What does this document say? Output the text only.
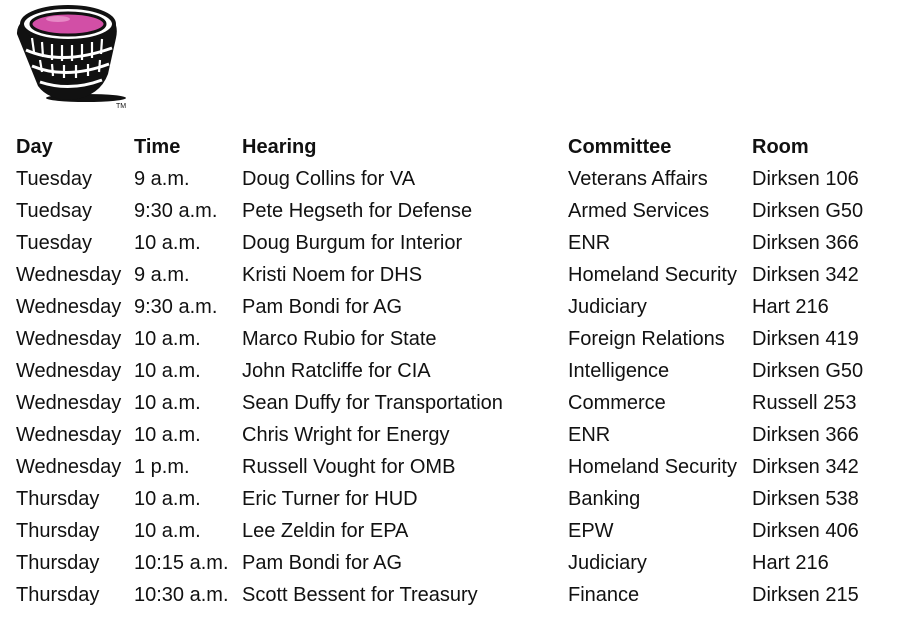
TM
Day	Time	Hearing	Committee	Room
Tuesday	9 a.m.	Doug Collins for VA	Veterans Affairs	Dirksen 106
Tuedsay	9:30 a.m.	Pete Hegseth for Defense	Armed Services	Dirksen G50
Tuesday	10 a.m.	Doug Burgum for Interior	ENR	Dirksen 366
Wednesday	9 a.m.	Kristi Noem for DHS	Homeland Security	Dirksen 342
Wednesday	9:30 a.m.	Pam Bondi for AG	Judiciary	Hart 216
Wednesday	10 a.m.	Marco Rubio for State	Foreign Relations	Dirksen 419
Wednesday	10 a.m.	John Ratcliffe for CIA	Intelligence	Dirksen G50
Wednesday	10 a.m.	Sean Duffy for Transportation	Commerce	Russell 253
Wednesday	10 a.m.	Chris Wright for Energy	ENR	Dirksen 366
Wednesday	1 p.m.	Russell Vought for OMB	Homeland Security	Dirksen 342
Thursday	10 a.m.	Eric Turner for HUD	Banking	Dirksen 538
Thursday	10 a.m.	Lee Zeldin for EPA	EPW	Dirksen 406
Thursday	10:15 a.m.	Pam Bondi for AG	Judiciary	Hart 216
Thursday	10:30 a.m.	Scott Bessent for Treasury	Finance	Dirksen 215
